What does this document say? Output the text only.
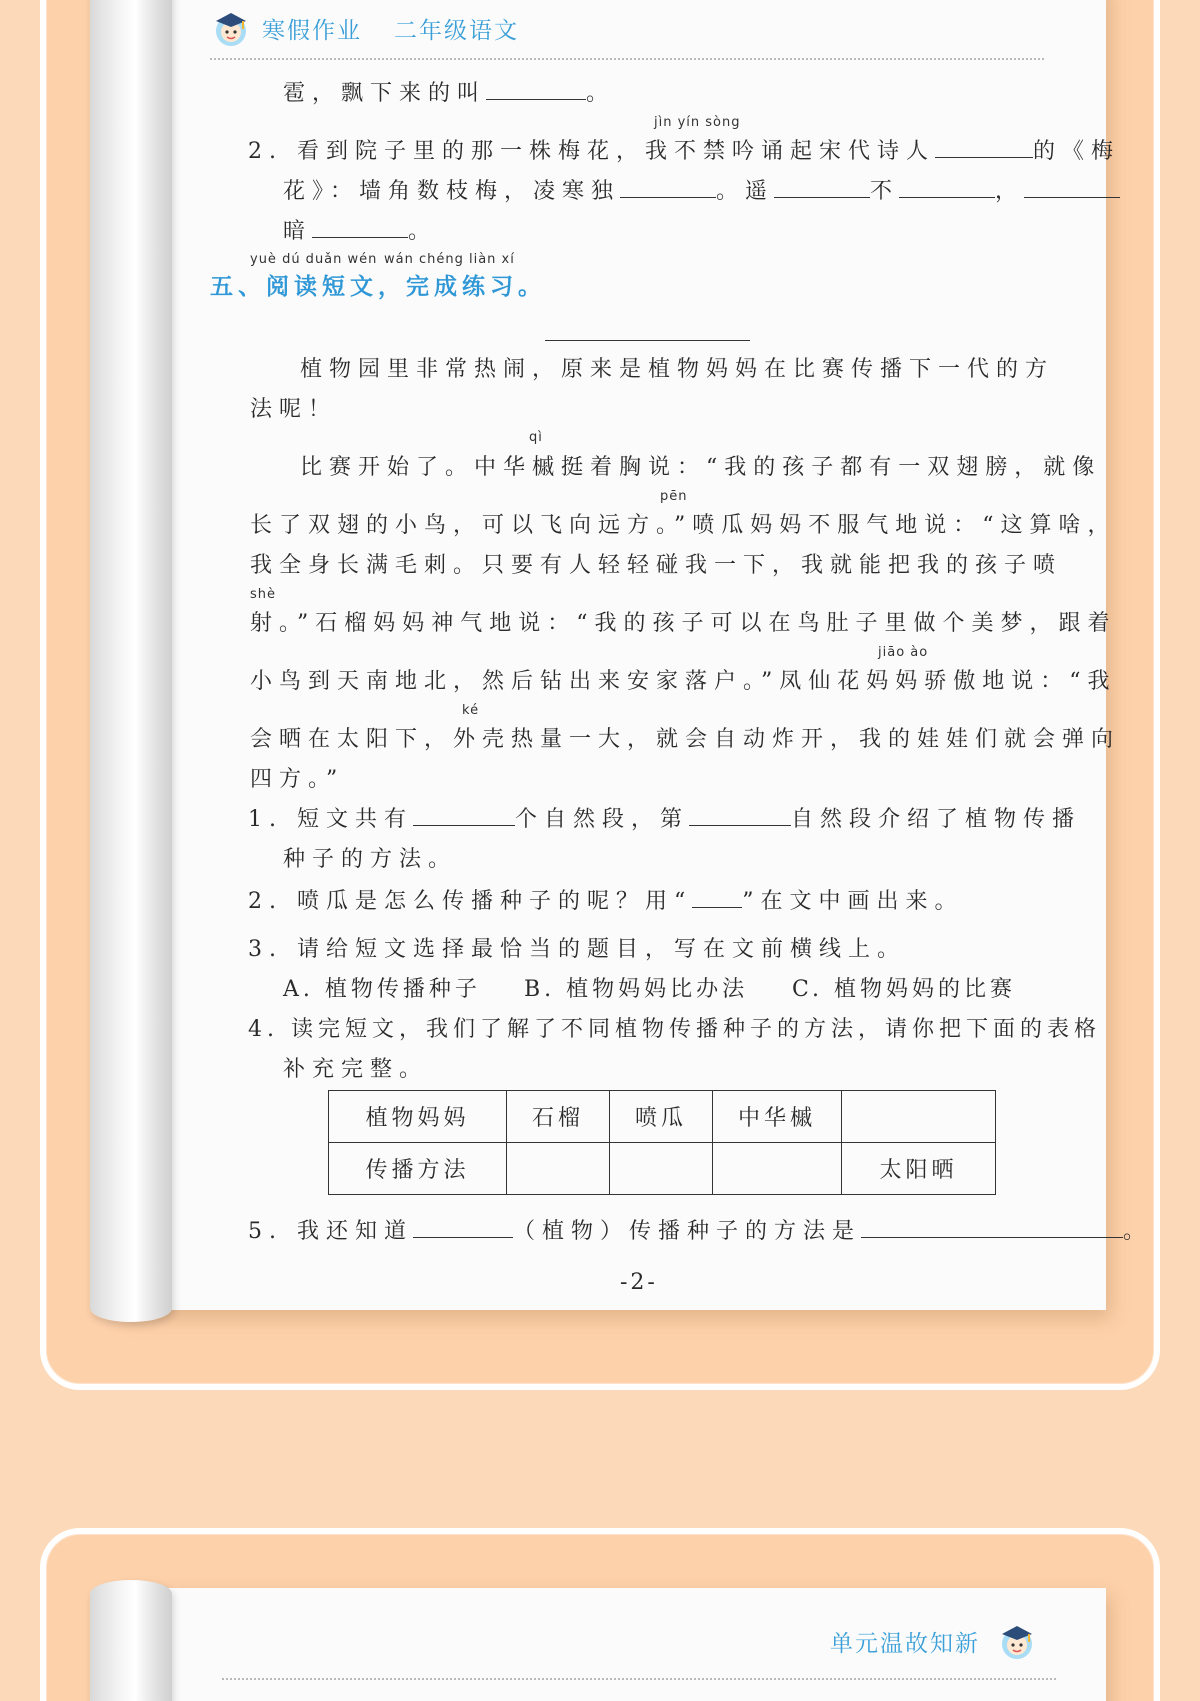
寒假作业 二年级语文
雹，飘下来的叫	。
jìn yín sòng
2. 看到院子里的那一株梅花，我不禁吟诵起宋代诗人	的《梅
花》：墙角数枝梅，凌寒独	。遥	不	，
暗	。
yuè dú duǎn wén wán chéng liàn xí
五、阅读短文，完成练习。
植物园里非常热闹，原来是植物妈妈在比赛传播下一代的方
法呢！
qì
比赛开始了。中华槭挺着胸说：“我的孩子都有一双翅膀，就像
pēn
长了双翅的小鸟，可以飞向远方。”喷瓜妈妈不服气地说：“这算啥，
我全身长满毛刺。只要有人轻轻碰我一下，我就能把我的孩子喷
shè
射。”石榴妈妈神气地说：“我的孩子可以在鸟肚子里做个美梦，跟着
jiāo ào
小鸟到天南地北，然后钻出来安家落户。”凤仙花妈妈骄傲地说：“我
ké
会晒在太阳下，外壳热量一大，就会自动炸开，我的娃娃们就会弹向
四方。”
1. 短文共有	个自然段，第	自然段介绍了植物传播
种子的方法。
2. 喷瓜是怎么传播种子的呢？用“ ”在文中画出来。
3. 请给短文选择最恰当的题目，写在文前横线上。
A. 植物传播种子 B. 植物妈妈比办法 C. 植物妈妈的比赛
4. 读完短文，我们了解了不同植物传播种子的方法，请你把下面的表格
补充完整。
植物妈妈	石榴	喷瓜	中华槭	
传播方法				太阳晒
5. 我还知道	（植物）传播种子的方法是	。
-2-
单元温故知新
